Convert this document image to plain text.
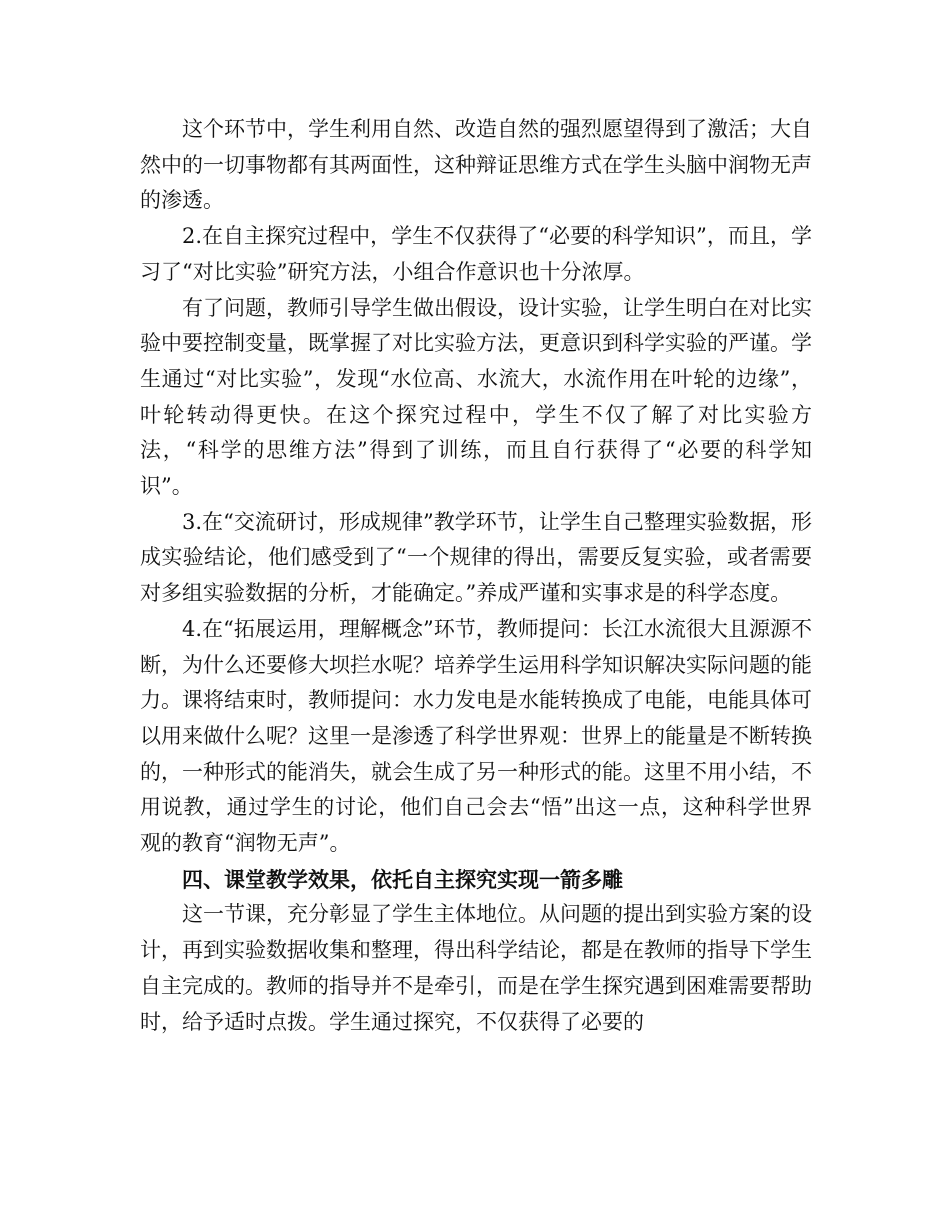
这个环节中，学生利用自然、改造自然的强烈愿望得到了激活；大自然中的一切事物都有其两面性，这种辩证思维方式在学生头脑中润物无声的渗透。

2.在自主探究过程中，学生不仅获得了“必要的科学知识”，而且，学习了“对比实验”研究方法，小组合作意识也十分浓厚。

有了问题，教师引导学生做出假设，设计实验，让学生明白在对比实验中要控制变量，既掌握了对比实验方法，更意识到科学实验的严谨。学生通过“对比实验”，发现“水位高、水流大，水流作用在叶轮的边缘”，叶轮转动得更快。在这个探究过程中，学生不仅了解了对比实验方法，“科学的思维方法”得到了训练，而且自行获得了“必要的科学知识”。

3.在“交流研讨，形成规律”教学环节，让学生自己整理实验数据，形成实验结论，他们感受到了“一个规律的得出，需要反复实验，或者需要对多组实验数据的分析，才能确定。”养成严谨和实事求是的科学态度。

4.在“拓展运用，理解概念”环节，教师提问：长江水流很大且源源不断，为什么还要修大坝拦水呢？培养学生运用科学知识解决实际问题的能力。课将结束时，教师提问：水力发电是水能转换成了电能，电能具体可以用来做什么呢？这里一是渗透了科学世界观：世界上的能量是不断转换的，一种形式的能消失，就会生成了另一种形式的能。这里不用小结，不用说教，通过学生的讨论，他们自己会去“悟”出这一点，这种科学世界观的教育“润物无声”。

四、课堂教学效果，依托自主探究实现一箭多雕

这一节课，充分彰显了学生主体地位。从问题的提出到实验方案的设计，再到实验数据收集和整理，得出科学结论，都是在教师的指导下学生自主完成的。教师的指导并不是牵引，而是在学生探究遇到困难需要帮助时，给予适时点拨。学生通过探究，不仅获得了必要的
